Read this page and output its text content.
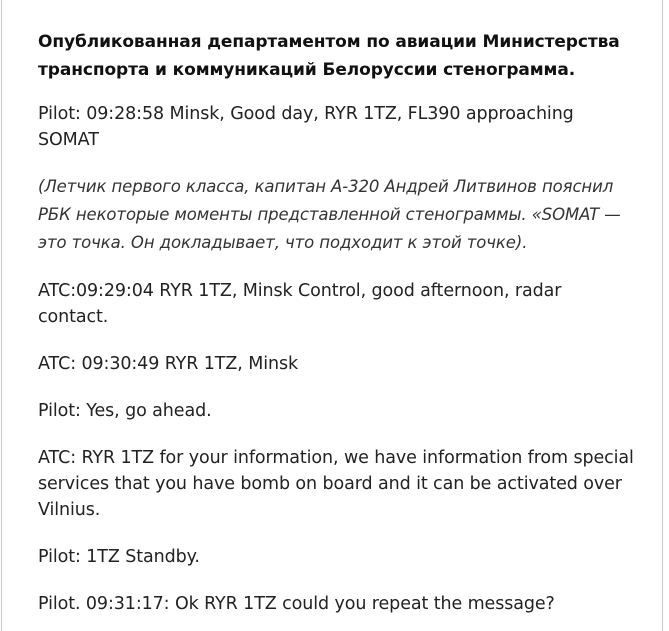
Опубликованная департаментом по авиации Министерства
транспорта и коммуникаций Белоруссии стенограмма.

Pilot: 09:28:58 Minsk, Good day, RYR 1TZ, FL390 approaching
SOMAT

(Летчик первого класса, капитан А-320 Андрей Литвинов пояснил
РБК некоторые моменты представленной стенограммы. «SOMAT —
это точка. Он докладывает, что подходит к этой точке).

ATC:09:29:04 RYR 1TZ, Minsk Control, good afternoon, radar
contact.

ATC: 09:30:49 RYR 1TZ, Minsk

Pilot: Yes, go ahead.

ATC: RYR 1TZ for your information, we have information from special
services that you have bomb on board and it can be activated over
Vilnius.

Pilot: 1TZ Standby.

Pilot. 09:31:17: Ok RYR 1TZ could you repeat the message?
